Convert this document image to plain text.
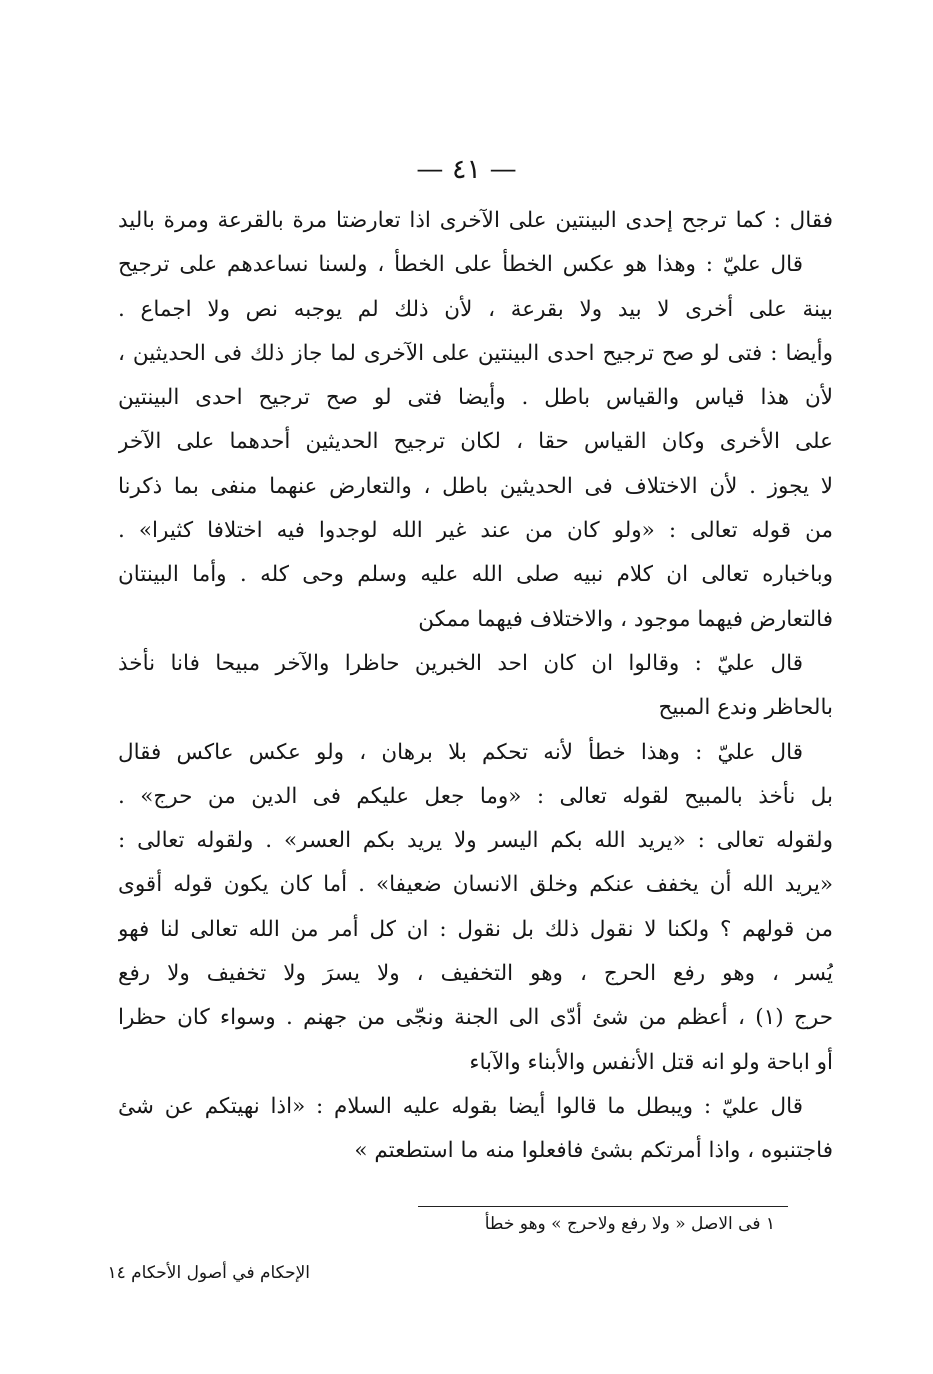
— ٤١ —
فقال : كما ترجح إحدى البينتين على الآخرى اذا تعارضتا مرة بالقرعة ومرة باليد
قال عليّ : وهذا هو عكس الخطأ على الخطأ ، ولسنا نساعدهم على ترجيح
بينة على أخرى لا بيد ولا بقرعة ، لأن ذلك لم يوجبه نص ولا اجماع .
وأيضا : فتى لو صح ترجيح احدى البينتين على الآخرى لما جاز ذلك فى الحديثين ،
لأن هذا قياس والقياس باطل . وأيضا فتى لو صح ترجيح احدى البينتين
على الأخرى وكان القياس حقا ، لكان ترجيح الحديثين أحدهما على الآخر
لا يجوز . لأن الاختلاف فى الحديثين باطل ، والتعارض عنهما منفى بما ذكرنا
من قوله تعالى : «ولو كان من عند غير الله لوجدوا فيه اختلافا كثيرا» .
وباخباره تعالى ان كلام نبيه صلى الله عليه وسلم وحى كله . وأما البينتان
فالتعارض فيهما موجود ، والاختلاف فيهما ممكن
قال عليّ : وقالوا ان كان احد الخبرين حاظرا والآخر مبيحا فانا نأخذ
بالحاظر وندع المبيح
قال عليّ : وهذا خطأ لأنه تحكم بلا برهان ، ولو عكس عاكس فقال
بل نأخذ بالمبيح لقوله تعالى : «وما جعل عليكم فى الدين من حرج» .
ولقوله تعالى : «يريد الله بكم اليسر ولا يريد بكم العسر» . ولقوله تعالى :
«يريد الله أن يخفف عنكم وخلق الانسان ضعيفا» . أما كان يكون قوله أقوى
من قولهم ؟ ولكنا لا نقول ذلك بل نقول : ان كل أمر من الله تعالى لنا فهو
يُسر ، وهو رفع الحرج ، وهو التخفيف ، ولا يسرَ ولا تخفيف ولا رفع
حرج (١) ، أعظم من شئ أدّى الى الجنة ونجّى من جهنم . وسواء كان حظرا
أو اباحة ولو انه قتل الأنفس والأبناء والآباء
قال عليّ : ويبطل ما قالوا أيضا بقوله عليه السلام : «اذا نهيتكم عن شئ
فاجتنبوه ، واذا أمرتكم بشئ فافعلوا منه ما استطعتم »
١ فى الاصل « ولا رفع ولاحرج » وهو خطأ
الإحكام في أصول الأحكام ١٤
